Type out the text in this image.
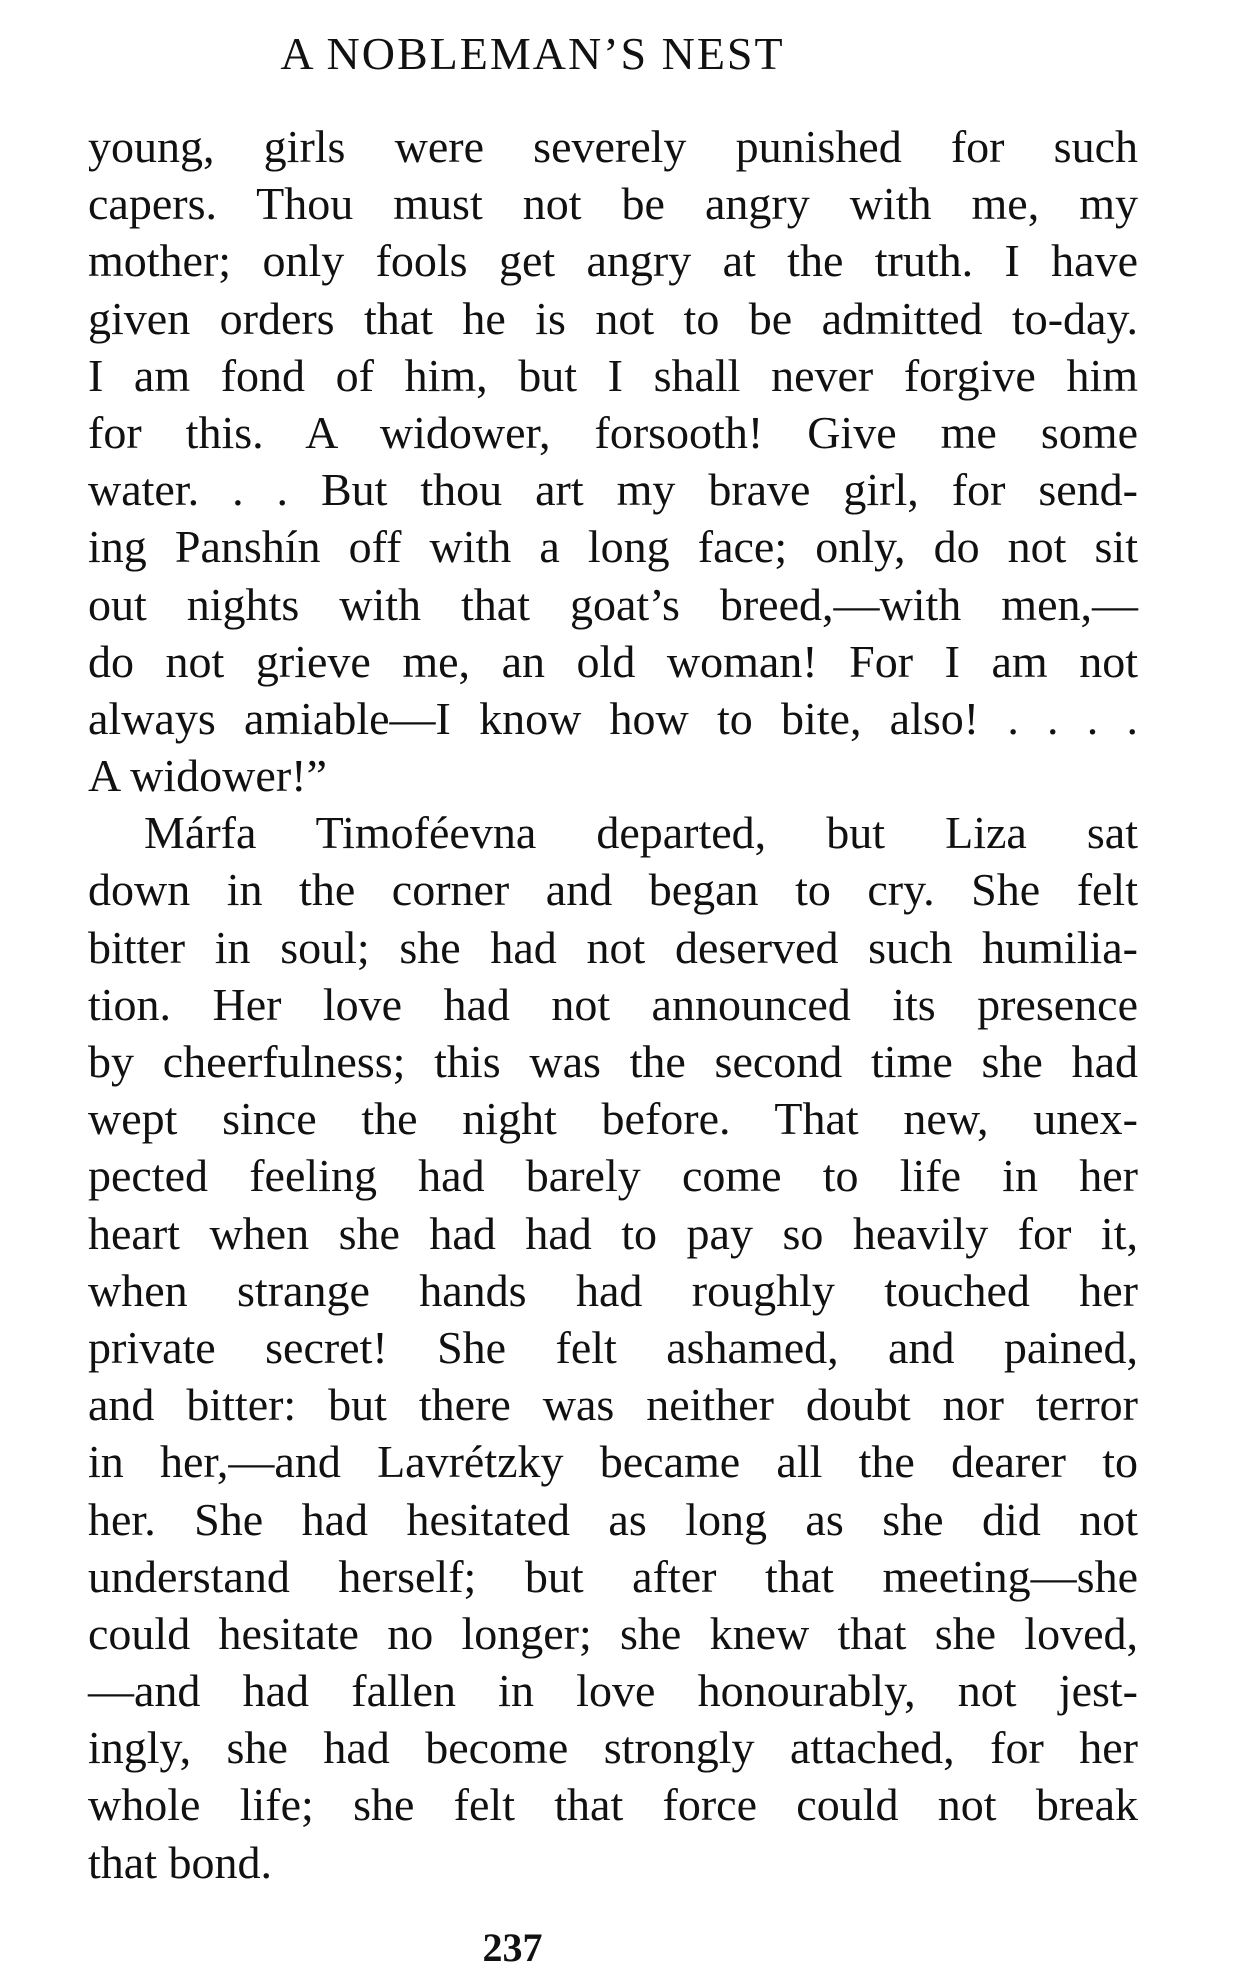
A NOBLEMAN’S NEST
young, girls were severely punished for such
capers. Thou must not be angry with me, my
mother; only fools get angry at the truth. I have
given orders that he is not to be admitted to-day.
I am fond of him, but I shall never forgive him
for this. A widower, forsooth! Give me some
water. . . But thou art my brave girl, for send-
ing Panshín off with a long face; only, do not sit
out nights with that goat’s breed,—with men,—
do not grieve me, an old woman! For I am not
always amiable—I know how to bite, also! . . . .
A widower!”
Márfa Timoféevna departed, but Liza sat
down in the corner and began to cry. She felt
bitter in soul; she had not deserved such humilia-
tion. Her love had not announced its presence
by cheerfulness; this was the second time she had
wept since the night before. That new, unex-
pected feeling had barely come to life in her
heart when she had had to pay so heavily for it,
when strange hands had roughly touched her
private secret! She felt ashamed, and pained,
and bitter: but there was neither doubt nor terror
in her,—and Lavrétzky became all the dearer to
her. She had hesitated as long as she did not
understand herself; but after that meeting—she
could hesitate no longer; she knew that she loved,
—and had fallen in love honourably, not jest-
ingly, she had become strongly attached, for her
whole life; she felt that force could not break
that bond.
237
